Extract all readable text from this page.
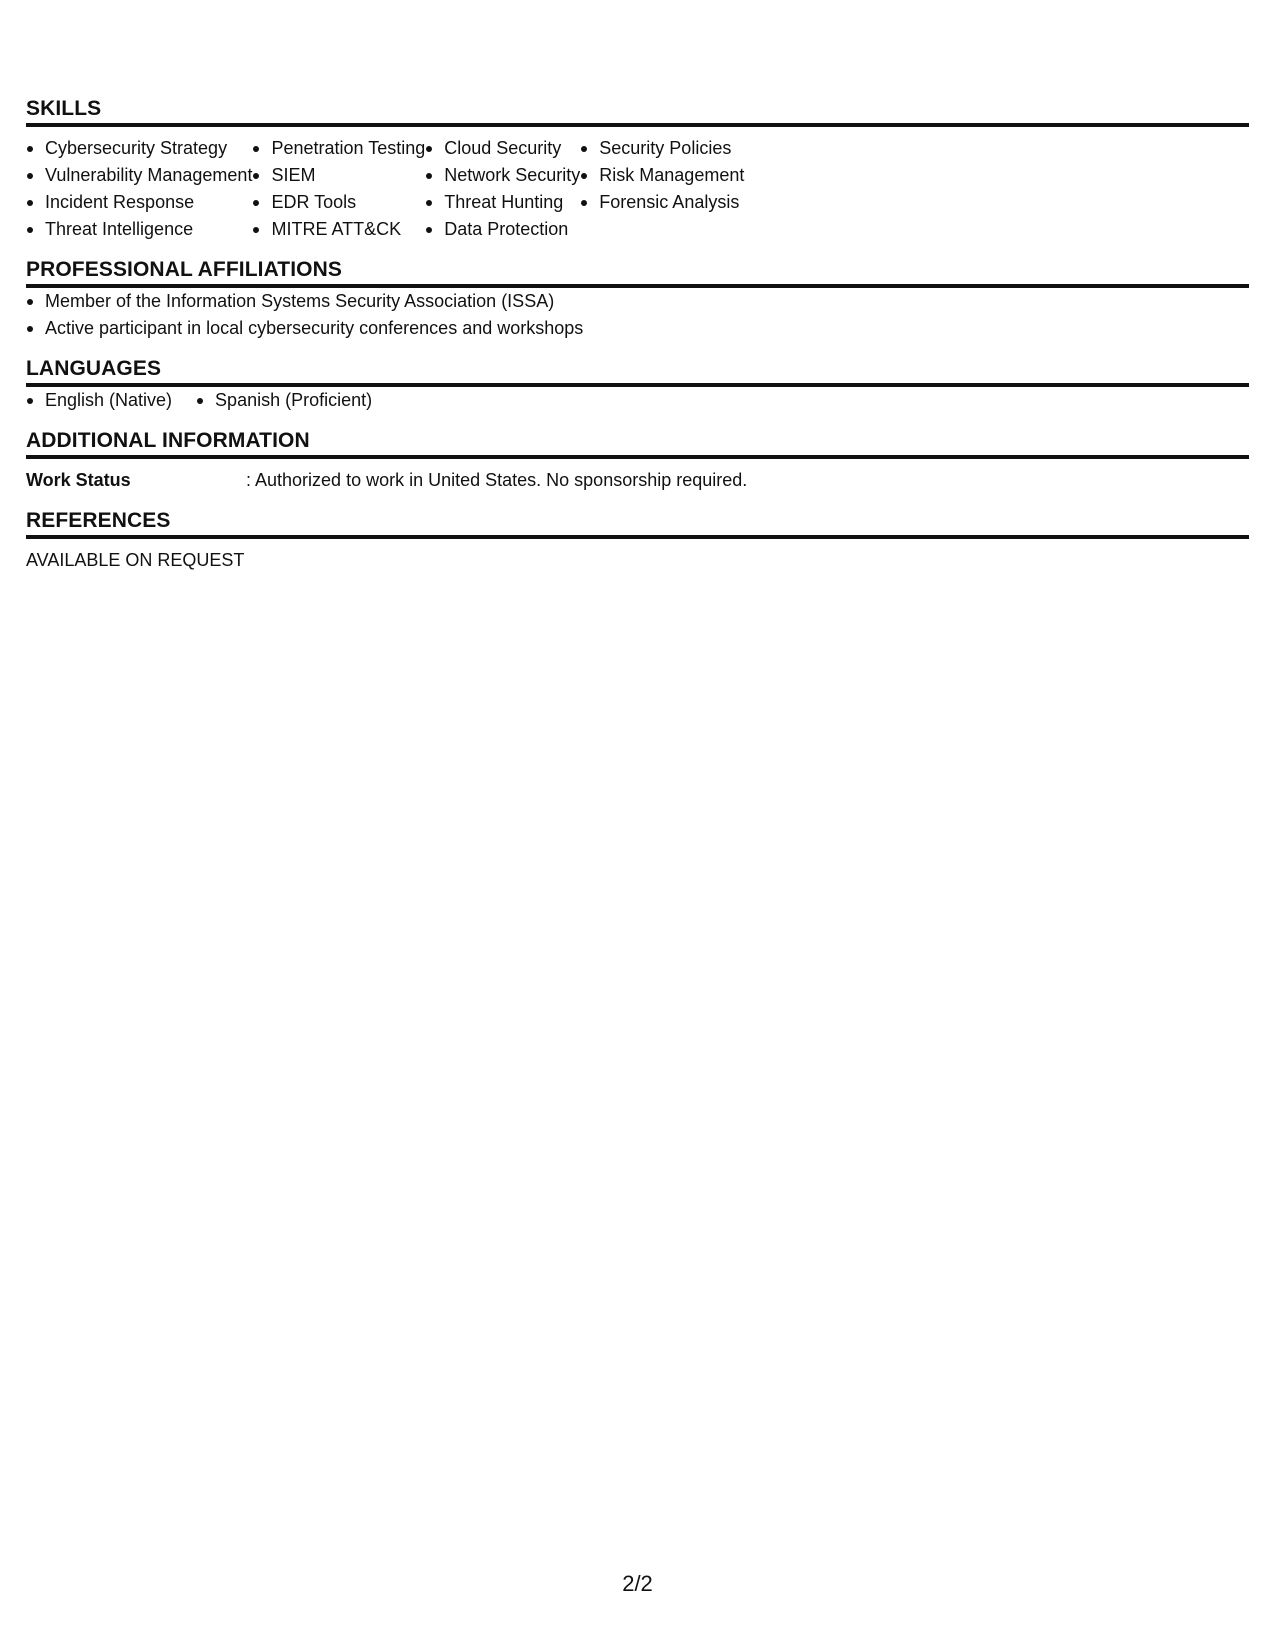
SKILLS
Cybersecurity Strategy
Vulnerability Management
Incident Response
Threat Intelligence
Penetration Testing
SIEM
EDR Tools
MITRE ATT&CK
Cloud Security
Network Security
Threat Hunting
Data Protection
Security Policies
Risk Management
Forensic Analysis
PROFESSIONAL AFFILIATIONS
Member of the Information Systems Security Association (ISSA)
Active participant in local cybersecurity conferences and workshops
LANGUAGES
English (Native)	Spanish (Proficient)
ADDITIONAL INFORMATION
Work Status	: Authorized to work in United States. No sponsorship required.
REFERENCES
AVAILABLE ON REQUEST
2/2
